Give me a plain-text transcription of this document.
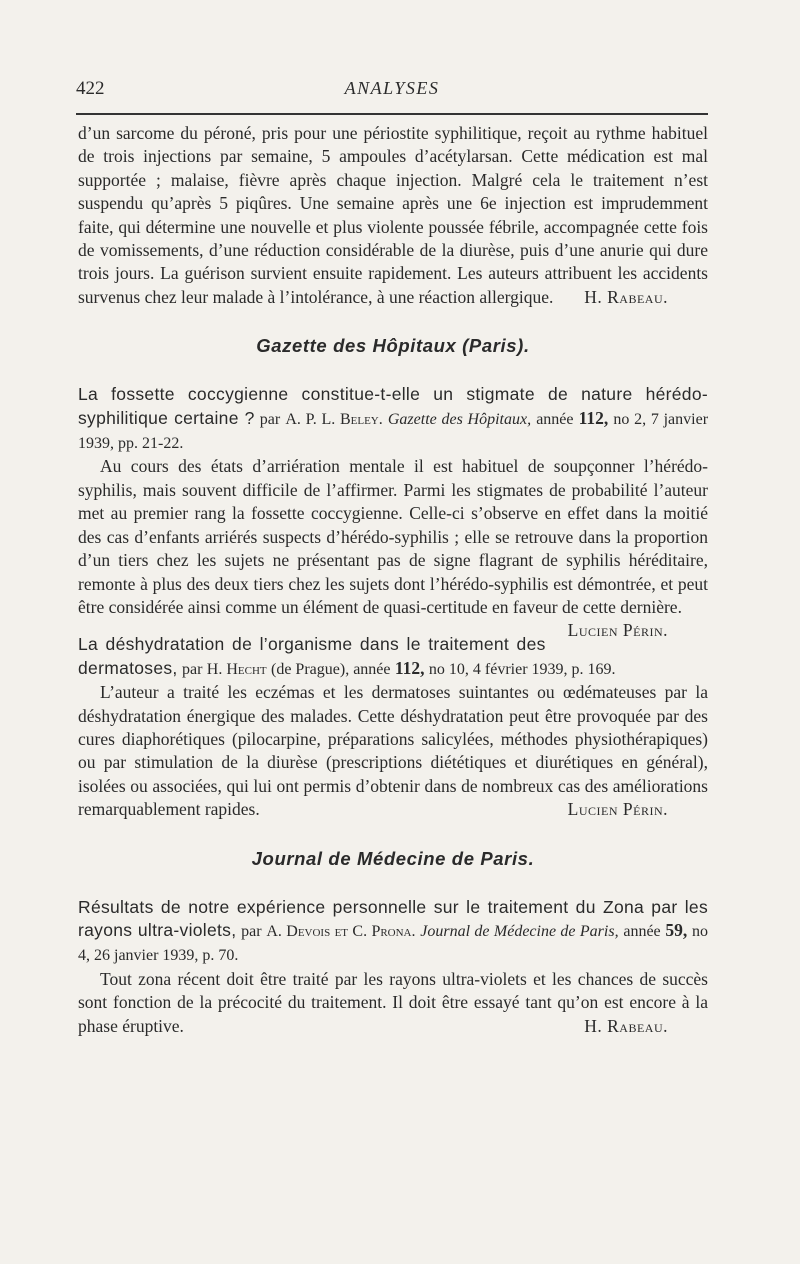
422	ANALYSES

d’un sarcome du péroné, pris pour une périostite syphilitique, reçoit au rythme habituel de trois injections par semaine, 5 ampoules d’acétylarsan. Cette médication est mal supportée ; malaise, fièvre après chaque injection. Malgré cela le traitement n’est suspendu qu’après 5 piqûres. Une semaine après une 6e injection est imprudemment faite, qui détermine une nouvelle et plus violente poussée fébrile, accompagnée cette fois de vomissements, d’une réduction considérable de la diurèse, puis d’une anurie qui dure trois jours. La guérison survient ensuite rapidement. Les auteurs attribuent les accidents survenus chez leur malade à l’intolérance, à une réaction allergique. H. Rabeau.

Gazette des Hôpitaux (Paris).

La fossette coccygienne constitue-t-elle un stigmate de nature hérédo-syphilitique certaine ? par A. P. L. Beley. Gazette des Hôpitaux, année 112, no 2, 7 janvier 1939, pp. 21-22.

Au cours des états d’arriération mentale il est habituel de soupçonner l’hérédo-syphilis, mais souvent difficile de l’affirmer. Parmi les stigmates de probabilité l’auteur met au premier rang la fossette coccygienne. Celle-ci s’observe en effet dans la moitié des cas d’enfants arriérés suspects d’hérédo-syphilis ; elle se retrouve dans la proportion d’un tiers chez les sujets ne présentant pas de signe flagrant de syphilis héréditaire, remonte à plus des deux tiers chez les sujets dont l’hérédo-syphilis est démontrée, et peut être considérée ainsi comme un élément de quasi-certitude en faveur de cette dernière.
Lucien Périn.

La déshydratation de l’organisme dans le traitement des dermatoses, par H. Hecht (de Prague), année 112, no 10, 4 février 1939, p. 169.

L’auteur a traité les eczémas et les dermatoses suintantes ou œdémateuses par la déshydratation énergique des malades. Cette déshydratation peut être provoquée par des cures diaphorétiques (pilocarpine, préparations salicylées, méthodes physiothérapiques) ou par stimulation de la diurèse (prescriptions diététiques et diurétiques en général), isolées ou associées, qui lui ont permis d’obtenir dans de nombreux cas des améliorations remarquablement rapides.	Lucien Périn.

Journal de Médecine de Paris.

Résultats de notre expérience personnelle sur le traitement du Zona par les rayons ultra-violets, par A. Devois et C. Prona. Journal de Médecine de Paris, année 59, no 4, 26 janvier 1939, p. 70.

Tout zona récent doit être traité par les rayons ultra-violets et les chances de succès sont fonction de la précocité du traitement. Il doit être essayé tant qu’on est encore à la phase éruptive.	H. Rabeau.
